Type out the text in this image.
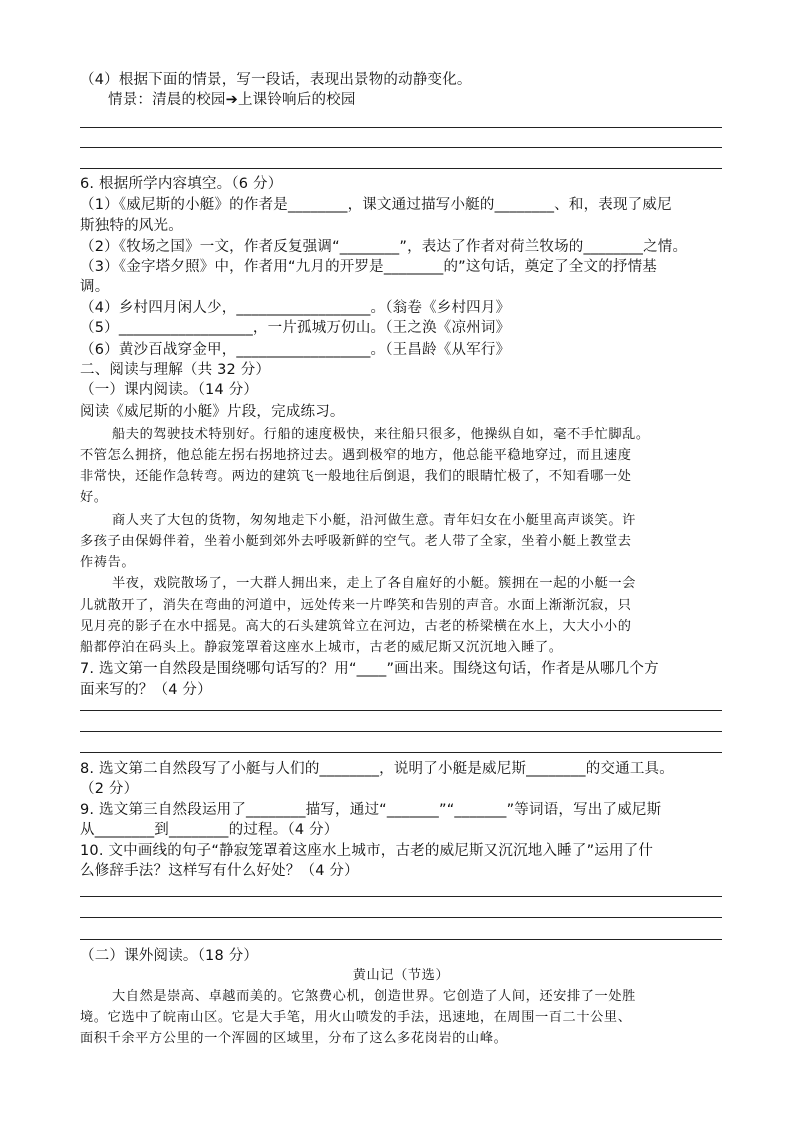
（4）根据下面的情景，写一段话，表现出景物的动静变化。
情景：清晨的校园➔上课铃响后的校园
6. 根据所学内容填空。（6 分）
（1）《威尼斯的小艇》的作者是________，课文通过描写小艇的________、和，表现了威尼
斯独特的风光。
（2）《牧场之国》一文，作者反复强调“________”，表达了作者对荷兰牧场的________之情。
（3）《金字塔夕照》中，作者用“九月的开罗是________的”这句话，奠定了全文的抒情基
调。
（4）乡村四月闲人少，__________________。（翁卷《乡村四月》
（5）__________________，一片孤城万仞山。（王之涣《凉州词》
（6）黄沙百战穿金甲，__________________。（王昌龄《从军行》
二、阅读与理解（共 32 分）
（一）课内阅读。（14 分）
阅读《威尼斯的小艇》片段，完成练习。
船夫的驾驶技术特别好。行船的速度极快，来往船只很多，他操纵自如，毫不手忙脚乱。
不管怎么拥挤，他总能左拐右拐地挤过去。遇到极窄的地方，他总能平稳地穿过，而且速度
非常快，还能作急转弯。两边的建筑飞一般地往后倒退，我们的眼睛忙极了，不知看哪一处
好。
商人夹了大包的货物，匆匆地走下小艇，沿河做生意。青年妇女在小艇里高声谈笑。许
多孩子由保姆伴着，坐着小艇到郊外去呼吸新鲜的空气。老人带了全家，坐着小艇上教堂去
作祷告。
半夜，戏院散场了，一大群人拥出来，走上了各自雇好的小艇。簇拥在一起的小艇一会
儿就散开了，消失在弯曲的河道中，远处传来一片哗笑和告别的声音。水面上渐渐沉寂，只
见月亮的影子在水中摇晃。高大的石头建筑耸立在河边，古老的桥梁横在水上，大大小小的
船都停泊在码头上。静寂笼罩着这座水上城市，古老的威尼斯又沉沉地入睡了。
7. 选文第一自然段是围绕哪句话写的？用“____”画出来。围绕这句话，作者是从哪几个方
面来写的？（4 分）
8. 选文第二自然段写了小艇与人们的________，说明了小艇是威尼斯________的交通工具。
（2 分）
9. 选文第三自然段运用了________描写，通过“_______”“_______”等词语，写出了威尼斯
从________到________的过程。（4 分）
10. 文中画线的句子“静寂笼罩着这座水上城市，古老的威尼斯又沉沉地入睡了”运用了什
么修辞手法？这样写有什么好处？（4 分）
（二）课外阅读。（18 分）
黄山记（节选）
大自然是崇高、卓越而美的。它煞费心机，创造世界。它创造了人间，还安排了一处胜
境。它选中了皖南山区。它是大手笔，用火山喷发的手法，迅速地，在周围一百二十公里、
面积千余平方公里的一个浑圆的区域里，分布了这么多花岗岩的山峰。
